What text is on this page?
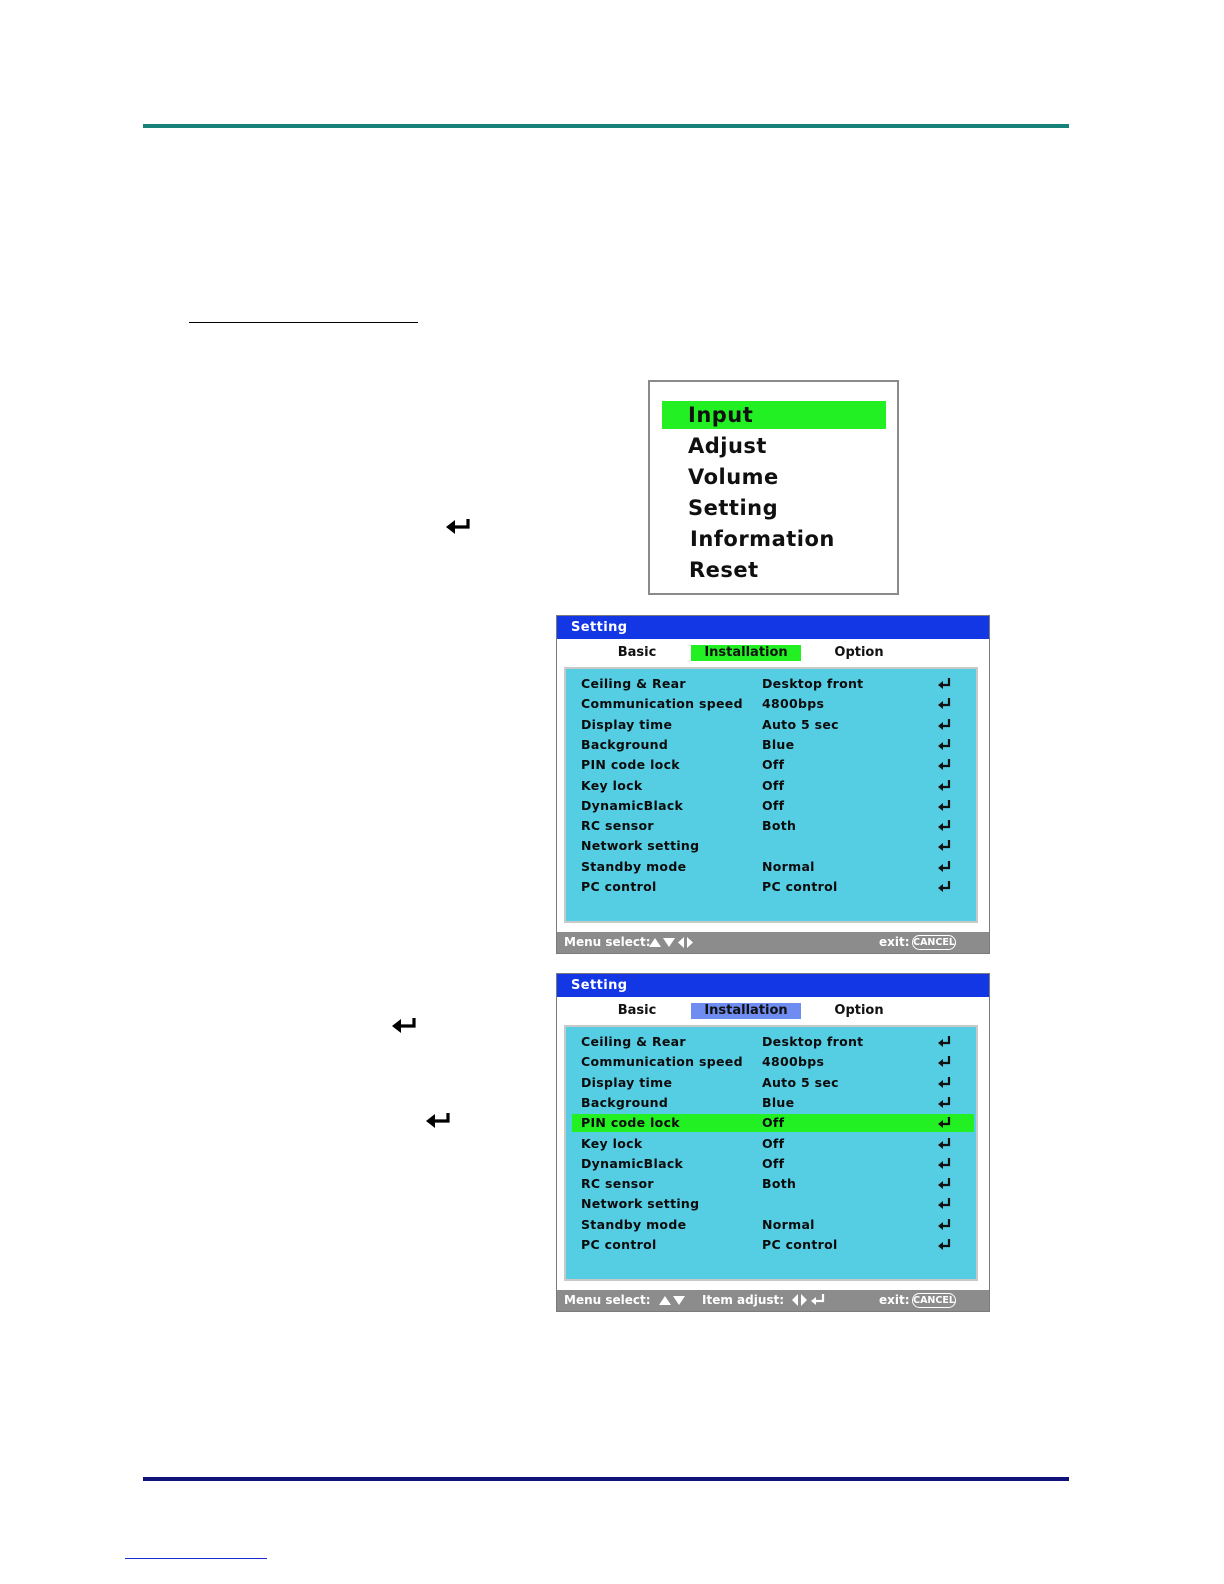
Input
Adjust
Volume
Setting
Information
Reset
Setting
Basic	Installation	Option
Ceiling & Rear	Desktop front
Communication speed 4800bps
Display time	Auto 5 sec
Background	Blue
PIN code lock	Off
Key lock	Off
DynamicBlack	Off
RC sensor	Both
Network setting
Standby mode	Normal
PC control	PC control
Menu select:	exit: CANCEL
Setting
Basic	Installation	Option
Ceiling & Rear	Desktop front
Communication speed 4800bps
Display time	Auto 5 sec
Background	Blue
PIN code lock	Off
Key lock	Off
DynamicBlack	Off
RC sensor	Both
Network setting
Standby mode	Normal
PC control	PC control
Menu select:	Item adjust:	exit: CANCEL
